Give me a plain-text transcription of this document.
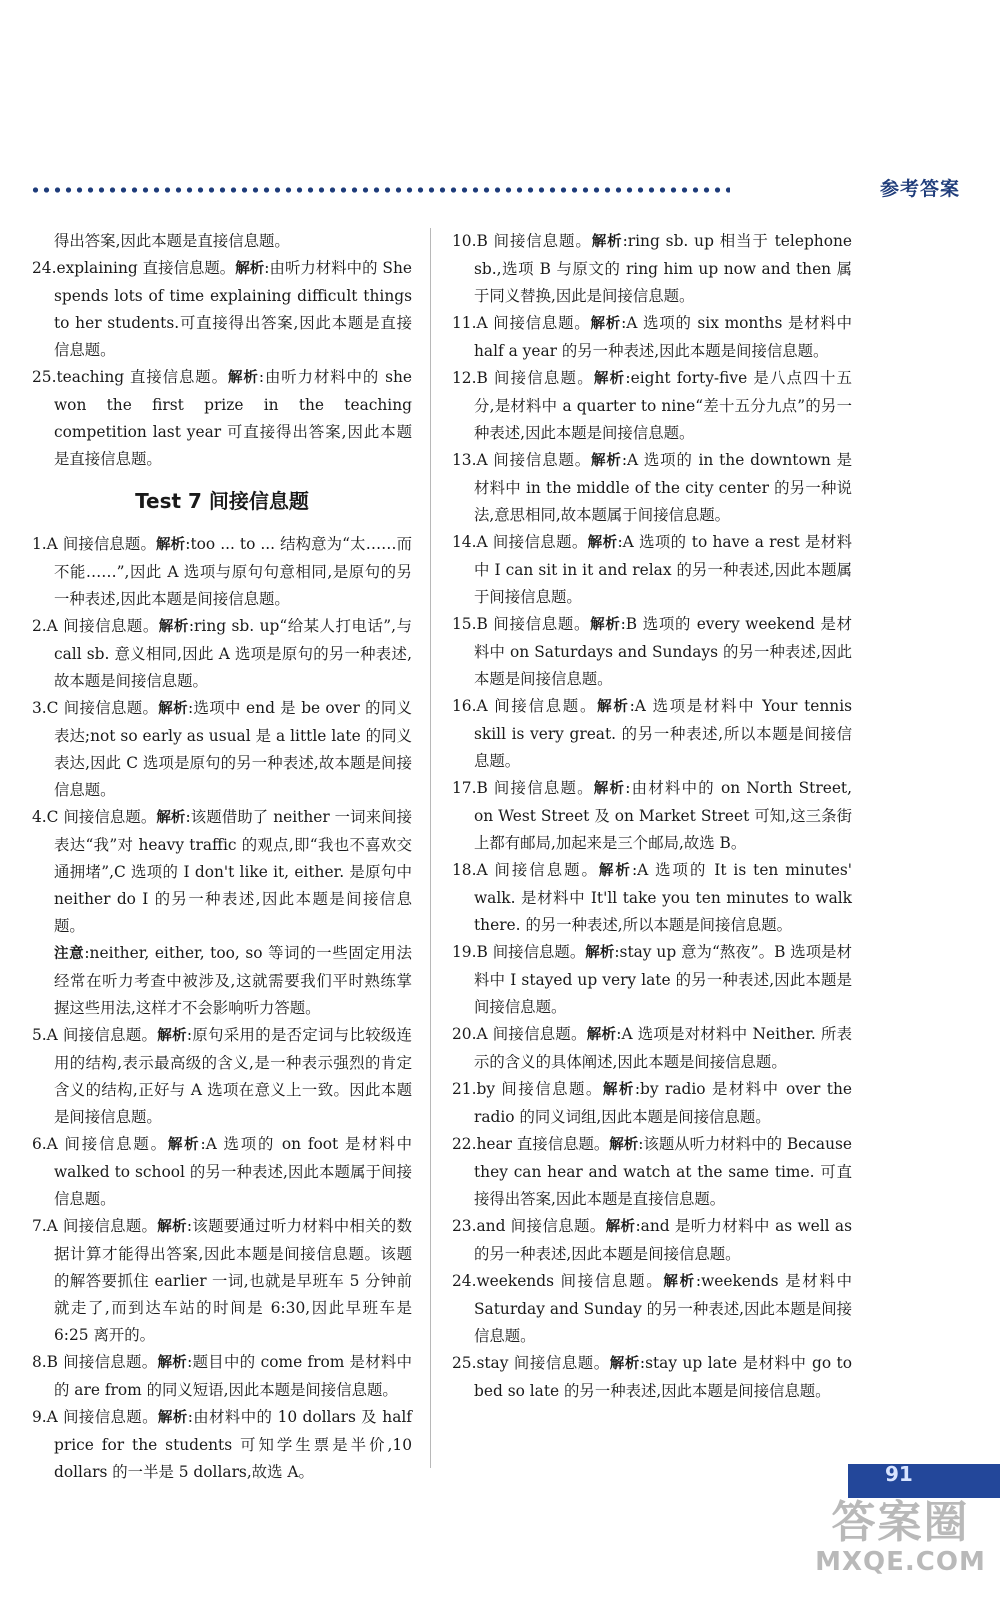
参考答案

得出答案,因此本题是直接信息题。

24.explaining 直接信息题。解析:由听力材料中的 She spends lots of time explaining difficult things to her students.可直接得出答案,因此本题是直接信息题。

25.teaching 直接信息题。解析:由听力材料中的 she won the first prize in the teaching competition last year 可直接得出答案,因此本题是直接信息题。

Test 7 间接信息题

1.A 间接信息题。解析:too ... to ... 结构意为“太……而不能……”,因此 A 选项与原句句意相同,是原句的另一种表述,因此本题是间接信息题。

2.A 间接信息题。解析:ring sb. up“给某人打电话”,与 call sb. 意义相同,因此 A 选项是原句的另一种表述,故本题是间接信息题。

3.C 间接信息题。解析:选项中 end 是 be over 的同义表达;not so early as usual 是 a little late 的同义表达,因此 C 选项是原句的另一种表述,故本题是间接信息题。

4.C 间接信息题。解析:该题借助了 neither 一词来间接表达“我”对 heavy traffic 的观点,即“我也不喜欢交通拥堵”,C 选项的 I don't like it, either. 是原句中 neither do I 的另一种表述,因此本题是间接信息题。

注意:neither, either, too, so 等词的一些固定用法经常在听力考查中被涉及,这就需要我们平时熟练掌握这些用法,这样才不会影响听力答题。

5.A 间接信息题。解析:原句采用的是否定词与比较级连用的结构,表示最高级的含义,是一种表示强烈的肯定含义的结构,正好与 A 选项在意义上一致。因此本题是间接信息题。

6.A 间接信息题。解析:A 选项的 on foot 是材料中 walked to school 的另一种表述,因此本题属于间接信息题。

7.A 间接信息题。解析:该题要通过听力材料中相关的数据计算才能得出答案,因此本题是间接信息题。该题的解答要抓住 earlier 一词,也就是早班车 5 分钟前就走了,而到达车站的时间是 6:30,因此早班车是 6:25 离开的。

8.B 间接信息题。解析:题目中的 come from 是材料中的 are from 的同义短语,因此本题是间接信息题。

9.A 间接信息题。解析:由材料中的 10 dollars 及 half price for the students 可知学生票是半价,10 dollars 的一半是 5 dollars,故选 A。

10.B 间接信息题。解析:ring sb. up 相当于 telephone sb.,选项 B 与原文的 ring him up now and then 属于同义替换,因此是间接信息题。

11.A 间接信息题。解析:A 选项的 six months 是材料中 half a year 的另一种表述,因此本题是间接信息题。

12.B 间接信息题。解析:eight forty-five 是八点四十五分,是材料中 a quarter to nine“差十五分九点”的另一种表述,因此本题是间接信息题。

13.A 间接信息题。解析:A 选项的 in the downtown 是材料中 in the middle of the city center 的另一种说法,意思相同,故本题属于间接信息题。

14.A 间接信息题。解析:A 选项的 to have a rest 是材料中 I can sit in it and relax 的另一种表述,因此本题属于间接信息题。

15.B 间接信息题。解析:B 选项的 every weekend 是材料中 on Saturdays and Sundays 的另一种表述,因此本题是间接信息题。

16.A 间接信息题。解析:A 选项是材料中 Your tennis skill is very great. 的另一种表述,所以本题是间接信息题。

17.B 间接信息题。解析:由材料中的 on North Street, on West Street 及 on Market Street 可知,这三条街上都有邮局,加起来是三个邮局,故选 B。

18.A 间接信息题。解析:A 选项的 It is ten minutes' walk. 是材料中 It'll take you ten minutes to walk there. 的另一种表述,所以本题是间接信息题。

19.B 间接信息题。解析:stay up 意为“熬夜”。B 选项是材料中 I stayed up very late 的另一种表述,因此本题是间接信息题。

20.A 间接信息题。解析:A 选项是对材料中 Neither. 所表示的含义的具体阐述,因此本题是间接信息题。

21.by 间接信息题。解析:by radio 是材料中 over the radio 的同义词组,因此本题是间接信息题。

22.hear 直接信息题。解析:该题从听力材料中的 Because they can hear and watch at the same time. 可直接得出答案,因此本题是直接信息题。

23.and 间接信息题。解析:and 是听力材料中 as well as 的另一种表述,因此本题是间接信息题。

24.weekends 间接信息题。解析:weekends 是材料中 Saturday and Sunday 的另一种表述,因此本题是间接信息题。

25.stay 间接信息题。解析:stay up late 是材料中 go to bed so late 的另一种表述,因此本题是间接信息题。

91
答案圈
MXQE.COM
